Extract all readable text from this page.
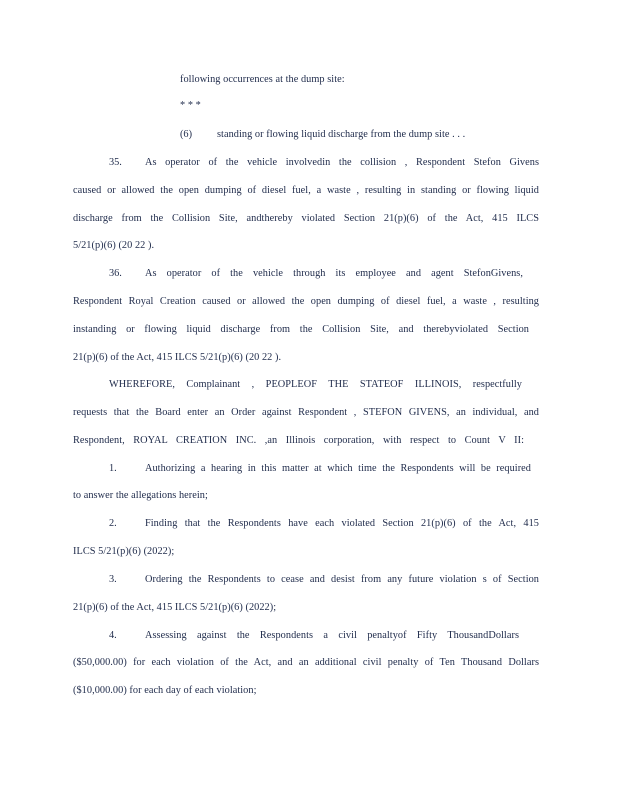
following occurrences at the dump site:
* * *
(6) standing or flowing liquid discharge from the dump site . . .
35. As operator of the vehicle involvedin the collision , Respondent Stefon Givens
caused or allowed the open dumping of diesel fuel, a waste , resulting in standing or flowing liquid
discharge from the Collision Site, andthereby violated Section 21(p)(6) of the Act, 415 ILCS
5/21(p)(6) (20 22 ).
36. As operator of the vehicle through its employee and agent StefonGivens,
Respondent Royal Creation caused or allowed the open dumping of diesel fuel, a waste , resulting
instanding or flowing liquid discharge from the Collision Site, and therebyviolated Section
21(p)(6) of the Act, 415 ILCS 5/21(p)(6) (20 22 ).
WHEREFORE, Complainant , PEOPLEOF THE STATEOF ILLINOIS, respectfully
requests that the Board enter an Order against Respondent , STEFON GIVENS, an individual, and
Respondent, ROYAL CREATION INC. ,an Illinois corporation, with respect to Count V II:
1.	Authorizing a hearing in this matter at which time the Respondents will be required
to answer the allegations herein;
2.	Finding that the Respondents have each violated Section 21(p)(6) of the Act, 415
ILCS 5/21(p)(6) (2022);
3.	Ordering the Respondents to cease and desist from any future violation s of Section
21(p)(6) of the Act, 415 ILCS 5/21(p)(6) (2022);
4.	Assessing against the Respondents a civil penaltyof Fifty ThousandDollars
($50,000.00) for each violation of the Act, and an additional civil penalty of Ten Thousand Dollars
($10,000.00) for each day of each violation;
